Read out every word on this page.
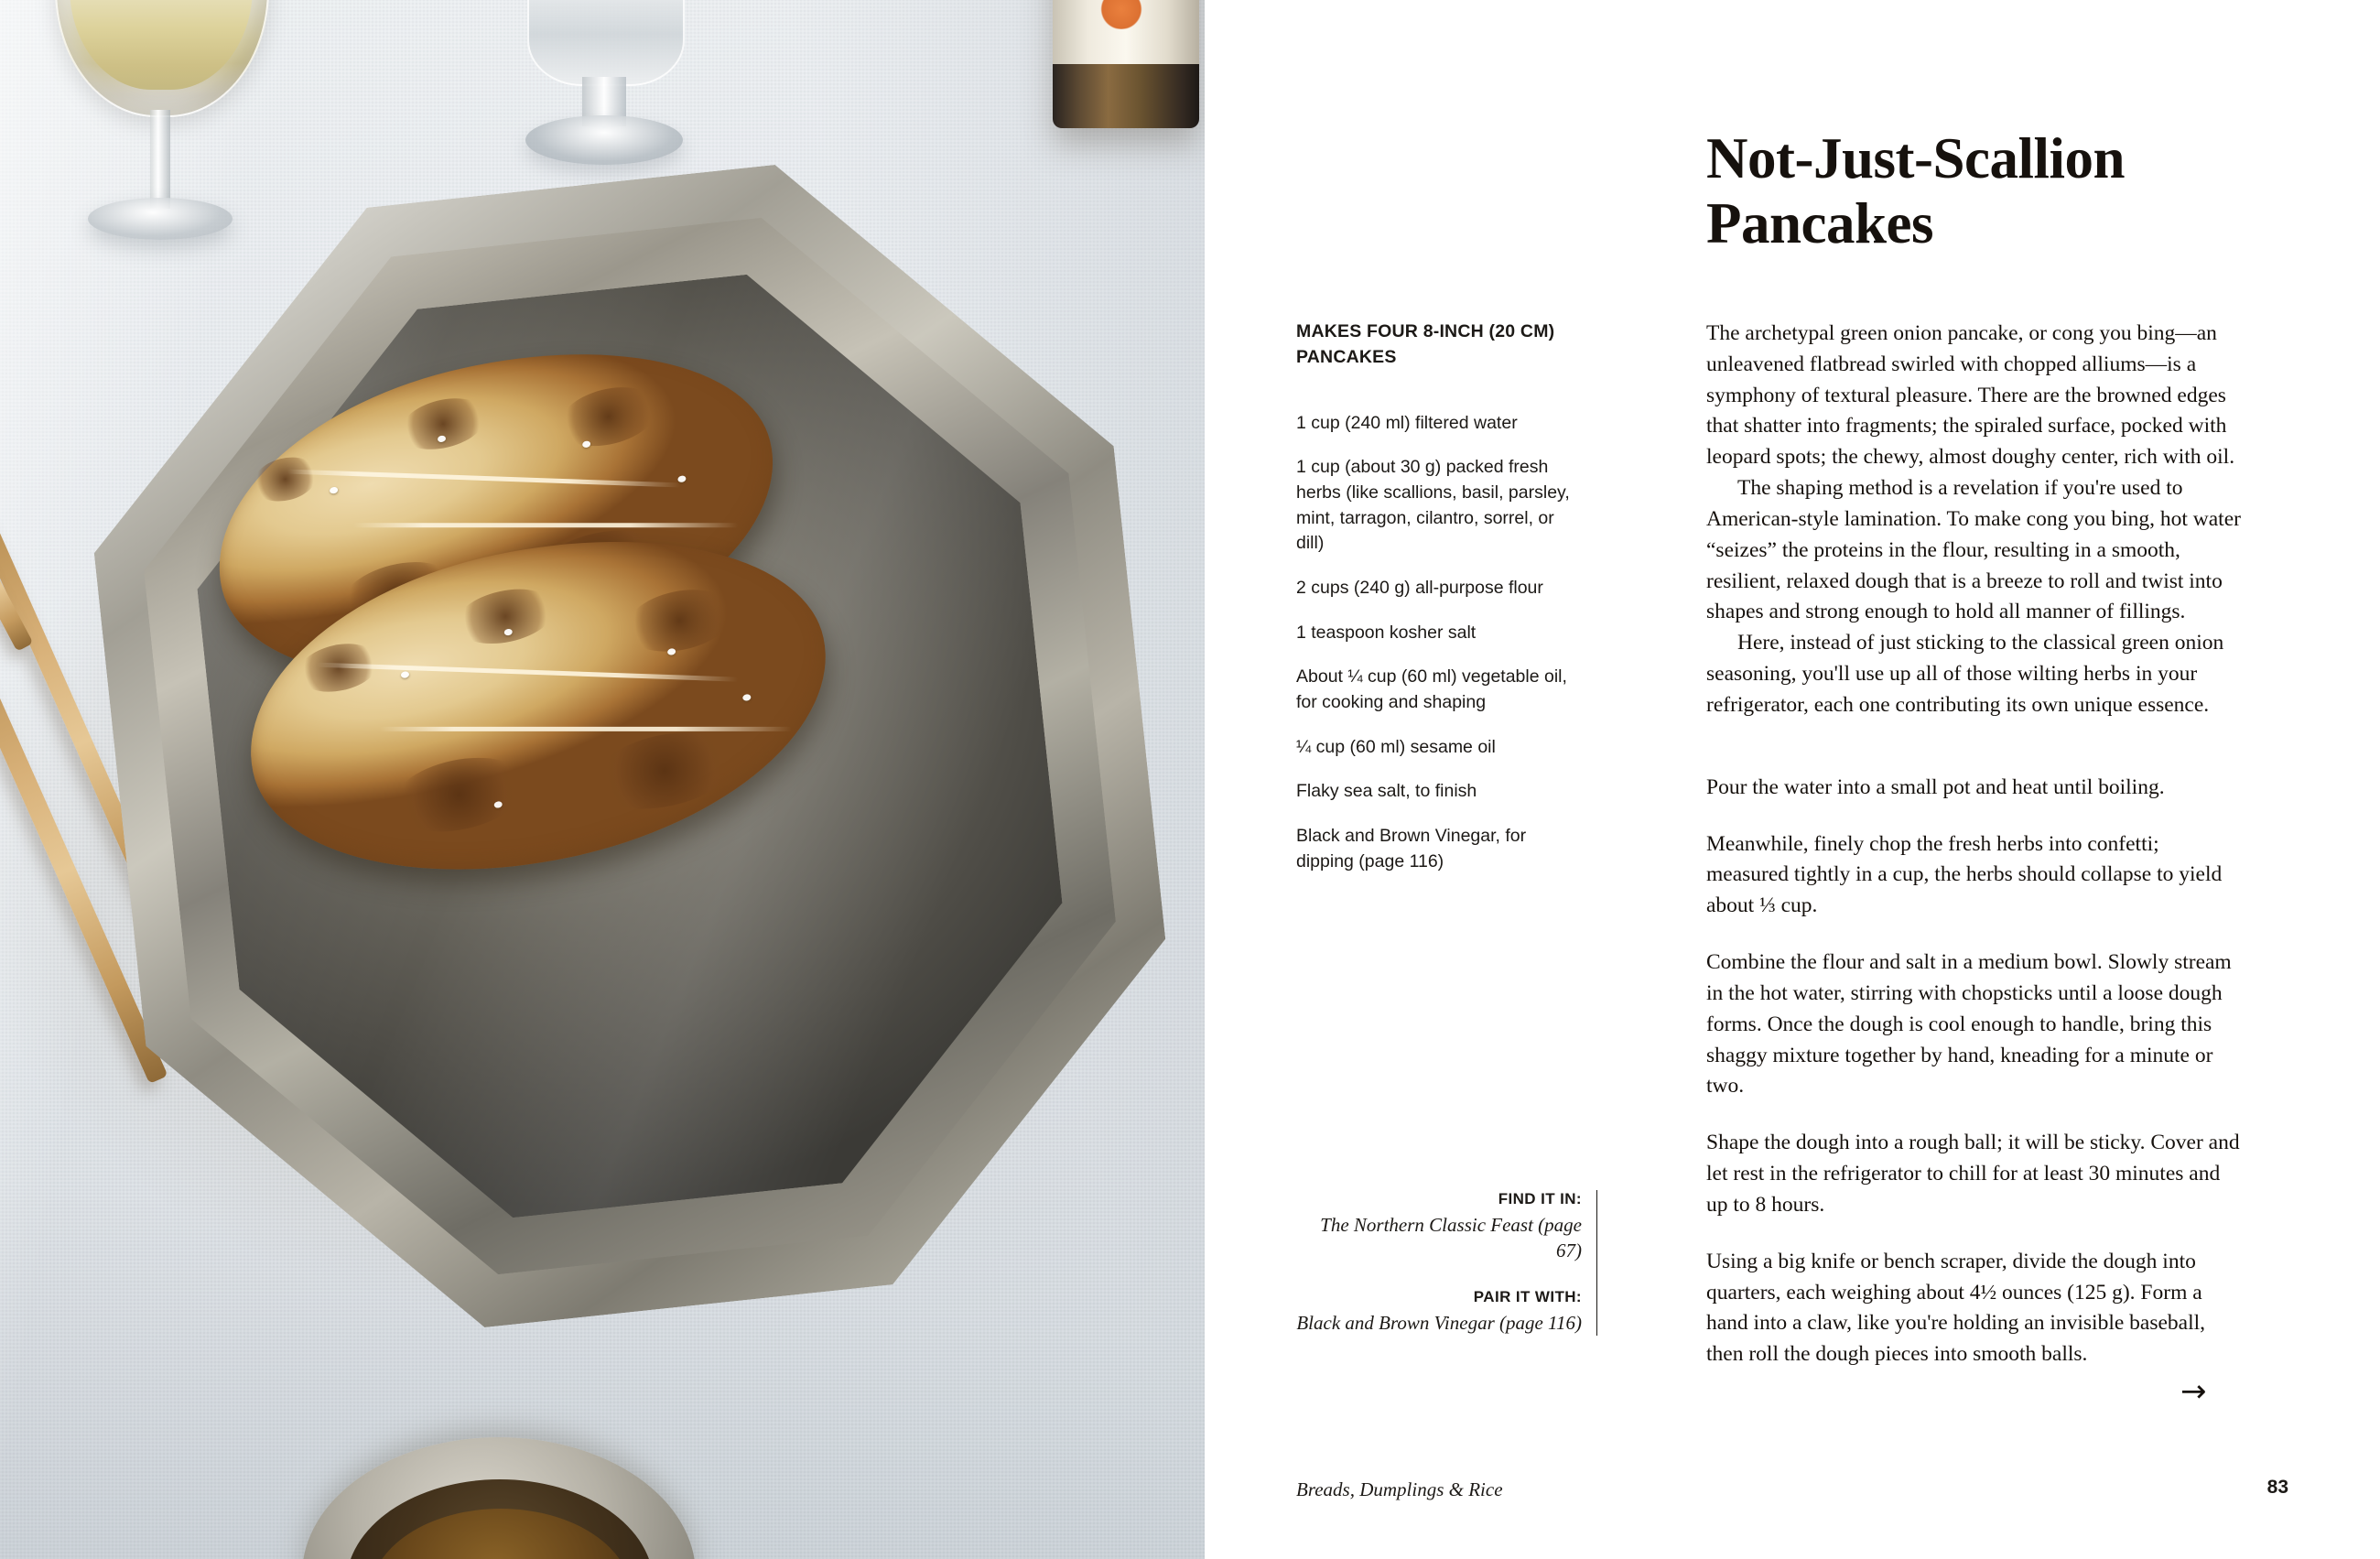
Not-Just-Scallion Pancakes
MAKES FOUR 8-INCH (20 CM) PANCAKES
1 cup (240 ml) filtered water
1 cup (about 30 g) packed fresh herbs (like scallions, basil, parsley, mint, tarragon, cilantro, sorrel, or dill)
2 cups (240 g) all-purpose flour
1 teaspoon kosher salt
About ¼ cup (60 ml) vegetable oil, for cooking and shaping
¼ cup (60 ml) sesame oil
Flaky sea salt, to finish
Black and Brown Vinegar, for dipping (page 116)
FIND IT IN:
The Northern Classic Feast (page 67)
PAIR IT WITH:
Black and Brown Vinegar (page 116)

The archetypal green onion pancake, or cong you bing—an unleavened flatbread swirled with chopped alliums—is a symphony of textural pleasure. There are the browned edges that shatter into fragments; the spiraled surface, pocked with leopard spots; the chewy, almost doughy center, rich with oil.

The shaping method is a revelation if you're used to American-style lamination. To make cong you bing, hot water “seizes” the proteins in the flour, resulting in a smooth, resilient, relaxed dough that is a breeze to roll and twist into shapes and strong enough to hold all manner of fillings.

Here, instead of just sticking to the classical green onion seasoning, you'll use up all of those wilting herbs in your refrigerator, each one contributing its own unique essence.

Pour the water into a small pot and heat until boiling.

Meanwhile, finely chop the fresh herbs into confetti; measured tightly in a cup, the herbs should collapse to yield about ⅓ cup.

Combine the flour and salt in a medium bowl. Slowly stream in the hot water, stirring with chopsticks until a loose dough forms. Once the dough is cool enough to handle, bring this shaggy mixture together by hand, kneading for a minute or two.

Shape the dough into a rough ball; it will be sticky. Cover and let rest in the refrigerator to chill for at least 30 minutes and up to 8 hours.

Using a big knife or bench scraper, divide the dough into quarters, each weighing about 4½ ounces (125 g). Form a hand into a claw, like you're holding an invisible baseball, then roll the dough pieces into smooth balls.

→
Breads, Dumplings & Rice	83
